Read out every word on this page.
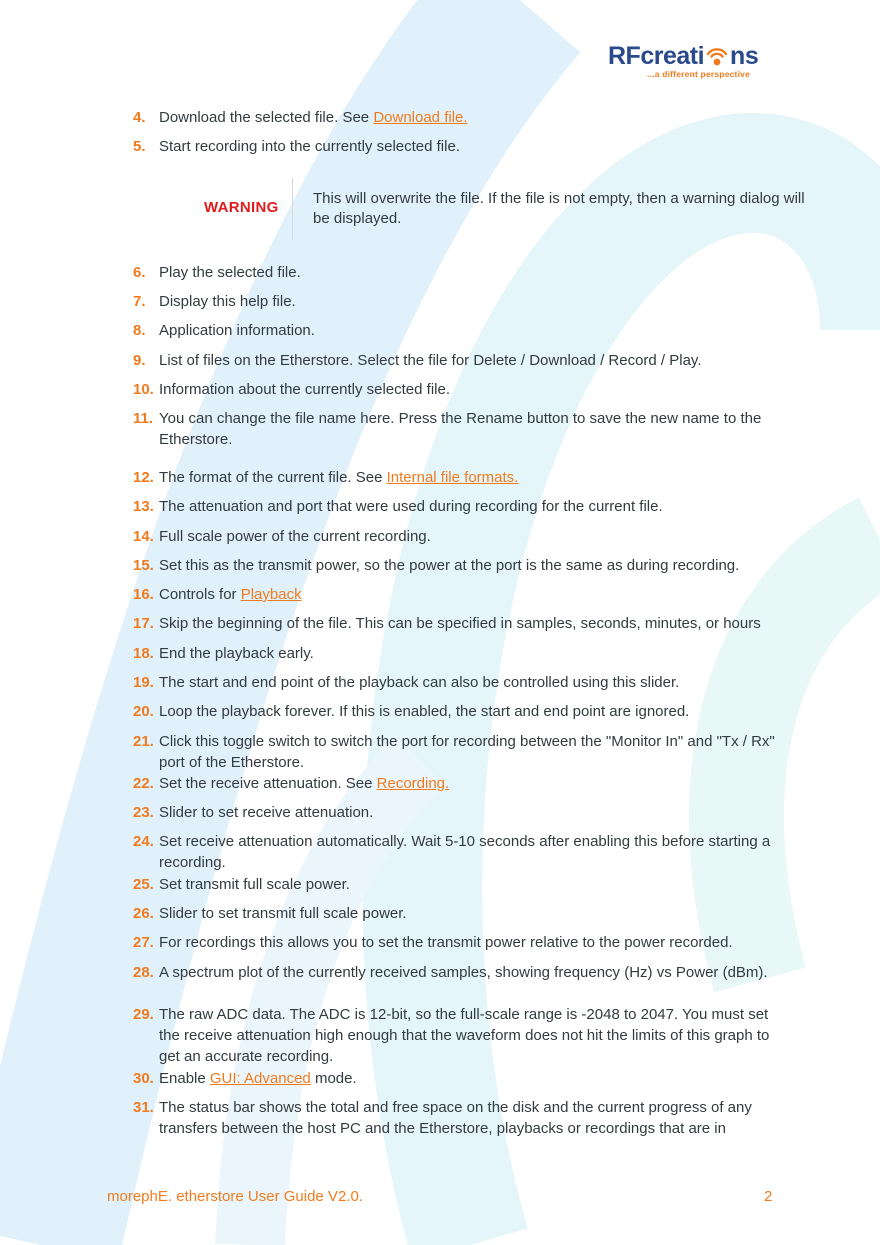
RFcreati ns
...a different perspective
4. Download the selected file. See Download file.
5. Start recording into the currently selected file.
6. Play the selected file.
7. Display this help file.
8. Application information.
9. List of files on the Etherstore. Select the file for Delete / Download / Record / Play.
10. Information about the currently selected file.
11. You can change the file name here. Press the Rename button to save the new name to the Etherstore.
12. The format of the current file. See Internal file formats.
13. The attenuation and port that were used during recording for the current file.
14. Full scale power of the current recording.
15. Set this as the transmit power, so the power at the port is the same as during recording.
16. Controls for Playback
17. Skip the beginning of the file. This can be specified in samples, seconds, minutes, or hours
18. End the playback early.
19. The start and end point of the playback can also be controlled using this slider.
20. Loop the playback forever. If this is enabled, the start and end point are ignored.
21. Click this toggle switch to switch the port for recording between the "Monitor In" and "Tx / Rx" port of the Etherstore.
22. Set the receive attenuation. See Recording.
23. Slider to set receive attenuation.
24. Set receive attenuation automatically. Wait 5-10 seconds after enabling this before starting a recording.
25. Set transmit full scale power.
26. Slider to set transmit full scale power.
27. For recordings this allows you to set the transmit power relative to the power recorded.
28. A spectrum plot of the currently received samples, showing frequency (Hz) vs Power (dBm).
29. The raw ADC data. The ADC is 12-bit, so the full-scale range is -2048 to 2047. You must set the receive attenuation high enough that the waveform does not hit the limits of this graph to get an accurate recording.
30. Enable GUI: Advanced mode.
31. The status bar shows the total and free space on the disk and the current progress of any transfers between the host PC and the Etherstore, playbacks or recordings that are in
WARNING
This will overwrite the file. If the file is not empty, then a warning dialog will be displayed.
morephE. etherstore User Guide V2.0.	2
